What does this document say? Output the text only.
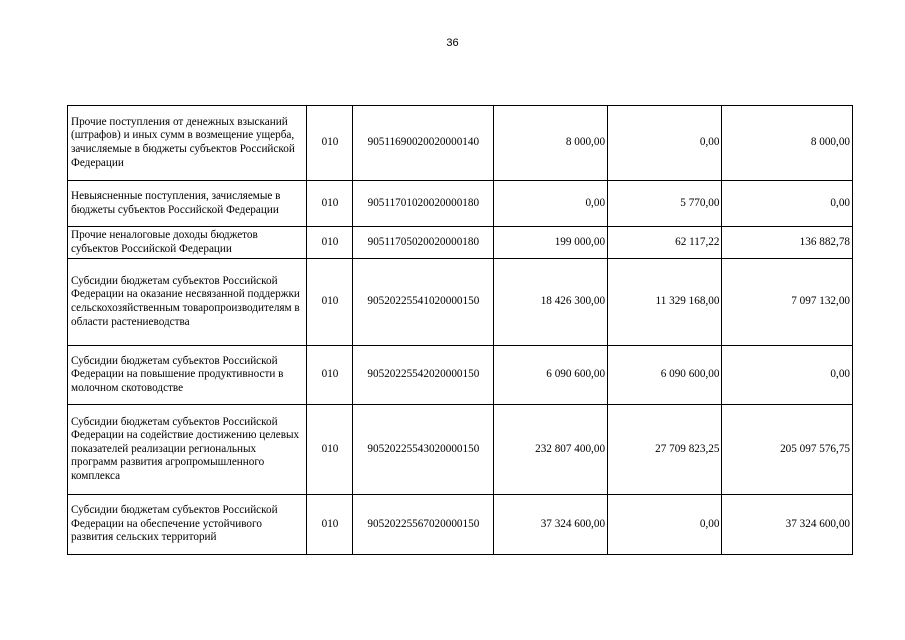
36
Прочие поступления от денежных взысканий (штрафов) и иных сумм в возмещение ущерба, зачисляемые в бюджеты субъектов Российской Федерации	010	90511690020020000140	8 000,00	0,00	8 000,00
Невыясненные поступления, зачисляемые в бюджеты субъектов Российской Федерации	010	90511701020020000180	0,00	5 770,00	0,00
Прочие неналоговые доходы бюджетов субъектов Российской Федерации	010	90511705020020000180	199 000,00	62 117,22	136 882,78
Субсидии бюджетам субъектов Российской Федерации на оказание несвязанной поддержки сельскохозяйственным товаропроизводителям в области растениеводства	010	90520225541020000150	18 426 300,00	11 329 168,00	7 097 132,00
Субсидии бюджетам субъектов Российской Федерации на повышение продуктивности в молочном скотоводстве	010	90520225542020000150	6 090 600,00	6 090 600,00	0,00
Субсидии бюджетам субъектов Российской Федерации на содействие достижению целевых показателей реализации региональных программ развития агропромышленного комплекса	010	90520225543020000150	232 807 400,00	27 709 823,25	205 097 576,75
Субсидии бюджетам субъектов Российской Федерации на обеспечение устойчивого развития сельских территорий	010	90520225567020000150	37 324 600,00	0,00	37 324 600,00
